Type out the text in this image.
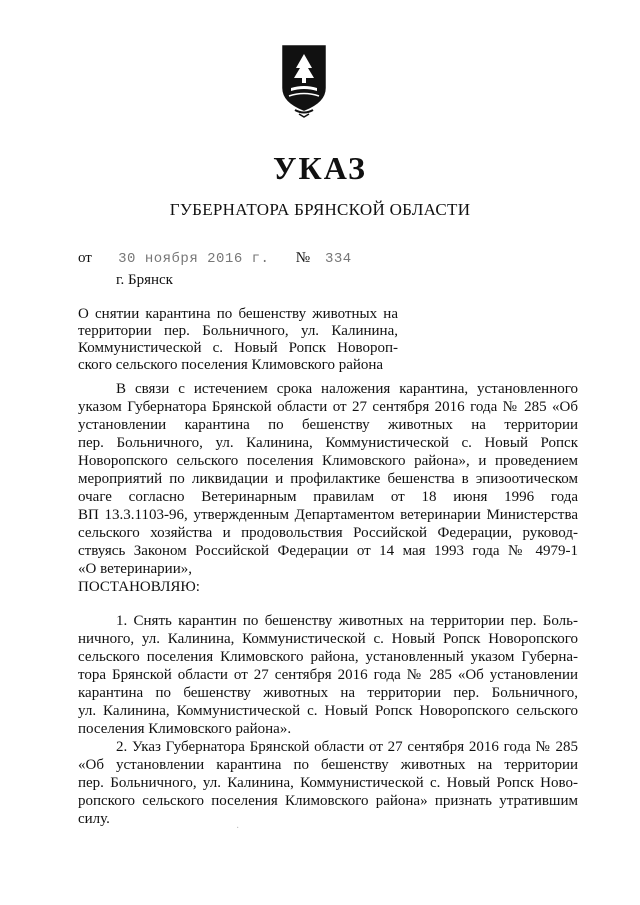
УКАЗ
ГУБЕРНАТОРА БРЯНСКОЙ ОБЛАСТИ
от 30 ноября 2016 г. № 334
г. Брянск
О снятии карантина по бешенству животных на
территории пер. Больничного, ул. Калинина,
Коммунистической с. Новый Ропск Новороп-
ского сельского поселения Климовского района
В связи с истечением срока наложения карантина, установленного
указом Губернатора Брянской области от 27 сентября 2016 года № 285 «Об
установлении карантина по бешенству животных на территории
пер. Больничного, ул. Калинина, Коммунистической с. Новый Ропск
Новоропского сельского поселения Климовского района», и проведением
мероприятий по ликвидации и профилактике бешенства в эпизоотическом
очаге согласно Ветеринарным правилам от 18 июня 1996 года
ВП 13.3.1103-96, утвержденным Департаментом ветеринарии Министерства
сельского хозяйства и продовольствия Российской Федерации, руковод-
ствуясь Законом Российской Федерации от 14 мая 1993 года № 4979-1
«О ветеринарии»,
ПОСТАНОВЛЯЮ:
1. Снять карантин по бешенству животных на территории пер. Боль-
ничного, ул. Калинина, Коммунистической с. Новый Ропск Новоропского
сельского поселения Климовского района, установленный указом Губерна-
тора Брянской области от 27 сентября 2016 года № 285 «Об установлении
карантина по бешенству животных на территории пер. Больничного,
ул. Калинина, Коммунистической с. Новый Ропск Новоропского сельского
поселения Климовского района».
2. Указ Губернатора Брянской области от 27 сентября 2016 года № 285
«Об установлении карантина по бешенству животных на территории
пер. Больничного, ул. Калинина, Коммунистической с. Новый Ропск Ново-
ропского сельского поселения Климовского района» признать утратившим
силу.
·
